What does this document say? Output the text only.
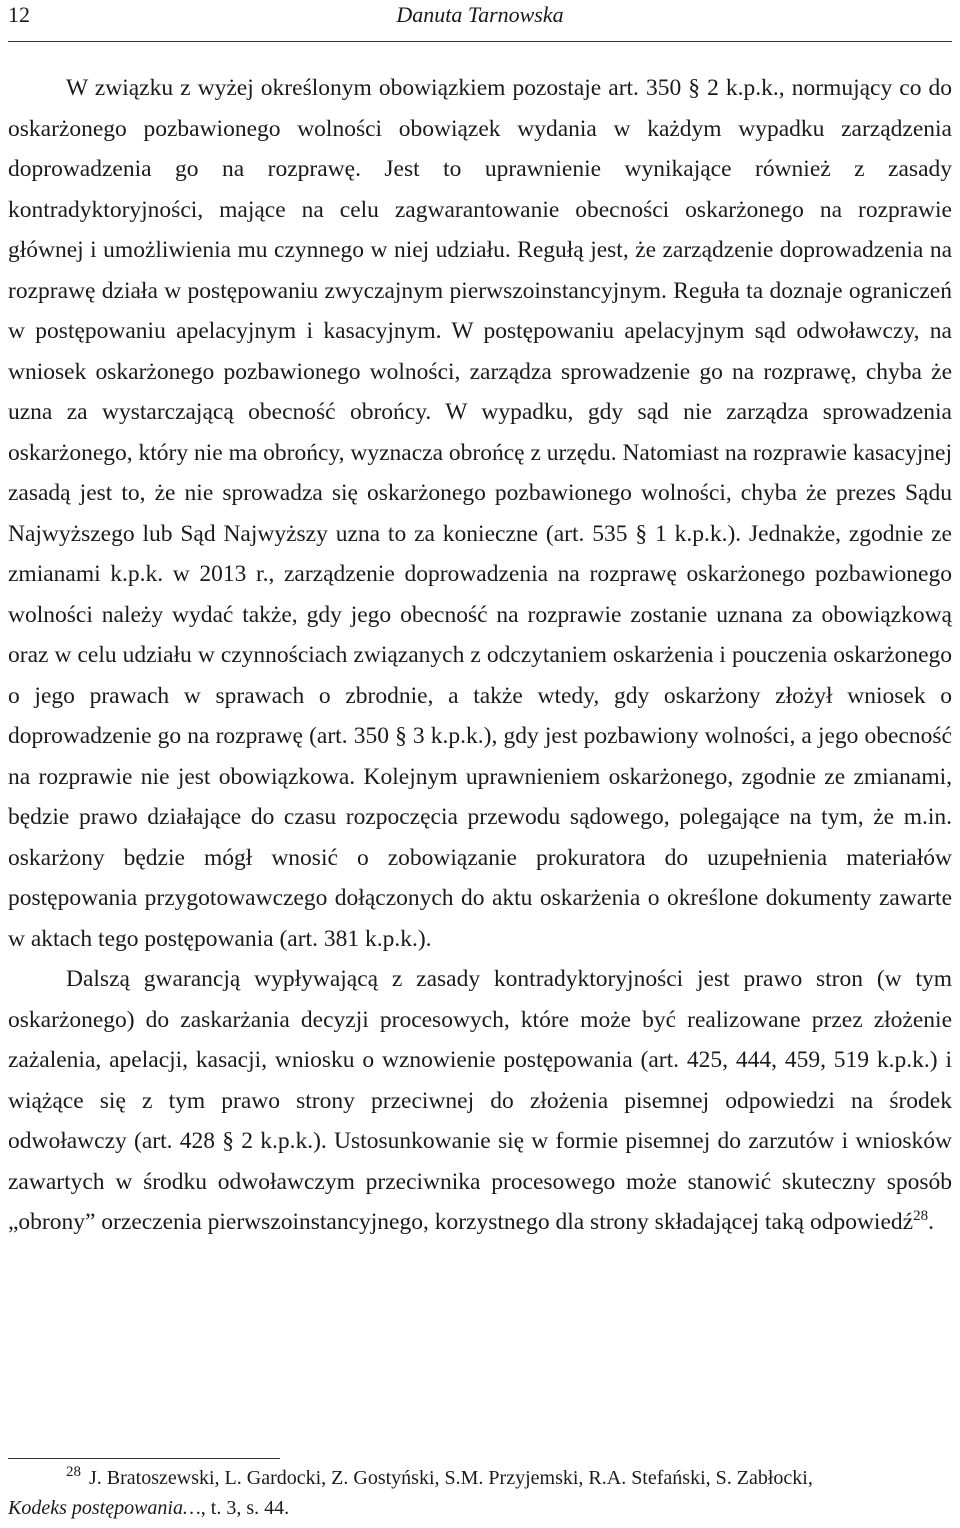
12	Danuta Tarnowska

W związku z wyżej określonym obowiązkiem pozostaje art. 350 § 2 k.p.k., normujący co do oskarżonego pozbawionego wolności obowiązek wydania w każdym wypadku zarządzenia doprowadzenia go na rozprawę. Jest to uprawnienie wynikające również z zasady kontradyktoryjności, mające na celu zagwarantowanie obecności oskarżonego na rozprawie głównej i umożliwienia mu czynnego w niej udziału. Regułą jest, że zarządzenie doprowadzenia na rozprawę działa w postępowaniu zwyczajnym pierwszoinstancyjnym. Reguła ta doznaje ograniczeń w postępowaniu apelacyjnym i kasacyjnym. W postępowaniu apelacyjnym sąd odwoławczy, na wniosek oskarżonego pozbawionego wolności, zarządza sprowadzenie go na rozprawę, chyba że uzna za wystarczającą obecność obrońcy. W wypadku, gdy sąd nie zarządza sprowadzenia oskarżonego, który nie ma obrońcy, wyznacza obrońcę z urzędu. Natomiast na rozprawie kasacyjnej zasadą jest to, że nie sprowadza się oskarżonego pozbawionego wolności, chyba że prezes Sądu Najwyższego lub Sąd Najwyższy uzna to za konieczne (art. 535 § 1 k.p.k.). Jednakże, zgodnie ze zmianami k.p.k. w 2013 r., zarządzenie doprowadzenia na rozprawę oskarżonego pozbawionego wolności należy wydać także, gdy jego obecność na rozprawie zostanie uznana za obowiązkową oraz w celu udziału w czynnościach związanych z odczytaniem oskarżenia i pouczenia oskarżonego o jego prawach w sprawach o zbrodnie, a także wtedy, gdy oskarżony złożył wniosek o doprowadzenie go na rozprawę (art. 350 § 3 k.p.k.), gdy jest pozbawiony wolności, a jego obecność na rozprawie nie jest obowiązkowa. Kolejnym uprawnieniem oskarżonego, zgodnie ze zmianami, będzie prawo działające do czasu rozpoczęcia przewodu sądowego, polegające na tym, że m.in. oskarżony będzie mógł wnosić o zobowiązanie prokuratora do uzupełnienia materiałów postępowania przygotowawczego dołączonych do aktu oskarżenia o określone dokumenty zawarte w aktach tego postępowania (art. 381 k.p.k.).

Dalszą gwarancją wypływającą z zasady kontradyktoryjności jest prawo stron (w tym oskarżonego) do zaskarżania decyzji procesowych, które może być realizowane przez złożenie zażalenia, apelacji, kasacji, wniosku o wznowienie postępowania (art. 425, 444, 459, 519 k.p.k.) i wiążące się z tym prawo strony przeciwnej do złożenia pisemnej odpowiedzi na środek odwoławczy (art. 428 § 2 k.p.k.). Ustosunkowanie się w formie pisemnej do zarzutów i wniosków zawartych w środku odwoławczym przeciwnika procesowego może stanowić skuteczny sposób „obrony” orzeczenia pierwszoinstancyjnego, korzystnego dla strony składającej taką odpowiedź$^{28}$.

$^{28}$ J. Bratoszewski, L. Gardocki, Z. Gostyński, S.M. Przyjemski, R.A. Stefański, S. Zabłocki,
Kodeks postępowania…, t. 3, s. 44.
